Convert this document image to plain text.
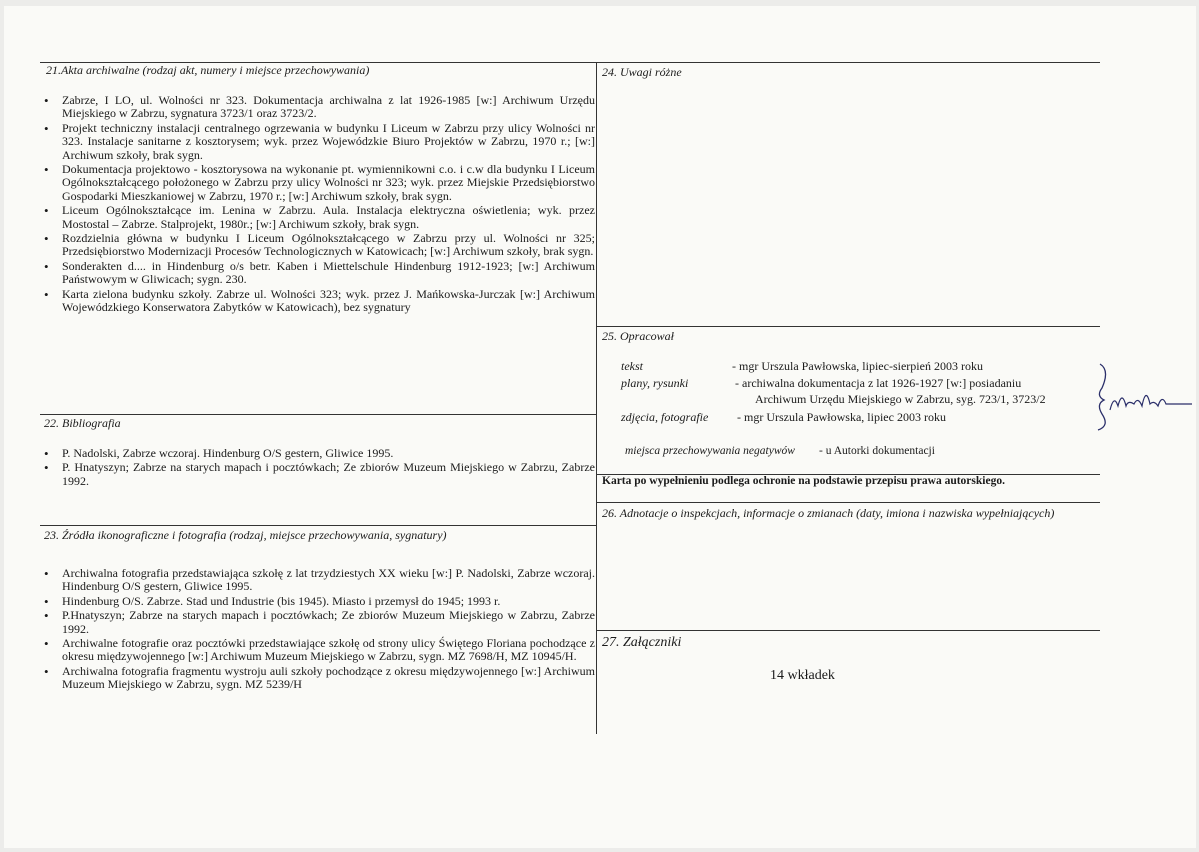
21.Akta archiwalne (rodzaj akt, numery i miejsce przechowywania)
• Zabrze, I LO, ul. Wolności nr 323. Dokumentacja archiwalna z lat 1926-1985 [w:] Archiwum Urzędu Miejskiego w Zabrzu, sygnatura 3723/1 oraz 3723/2.
• Projekt techniczny instalacji centralnego ogrzewania w budynku I Liceum w Zabrzu przy ulicy Wolności nr 323. Instalacje sanitarne z kosztorysem; wyk. przez Wojewódzkie Biuro Projektów w Zabrzu, 1970 r.; [w:] Archiwum szkoły, brak sygn.
• Dokumentacja projektowo - kosztorysowa na wykonanie pt. wymiennikowni c.o. i c.w dla budynku I Liceum Ogólnokształcącego położonego w Zabrzu przy ulicy Wolności nr 323; wyk. przez Miejskie Przedsiębiorstwo Gospodarki Mieszkaniowej w Zabrzu, 1970 r.; [w:] Archiwum szkoły, brak sygn.
• Liceum Ogólnokształcące im. Lenina w Zabrzu. Aula. Instalacja elektryczna oświetlenia; wyk. przez Mostostal – Zabrze. Stalprojekt, 1980r.; [w:] Archiwum szkoły, brak sygn.
• Rozdzielnia główna w budynku I Liceum Ogólnokształcącego w Zabrzu przy ul. Wolności nr 325; Przedsiębiorstwo Modernizacji Procesów Technologicznych w Katowicach; [w:] Archiwum szkoły, brak sygn.
• Sonderakten d.... in Hindenburg o/s betr. Kaben i Miettelschule Hindenburg 1912-1923; [w:] Archiwum Państwowym w Gliwicach; sygn. 230.
• Karta zielona budynku szkoły. Zabrze ul. Wolności 323; wyk. przez J. Mańkowska-Jurczak [w:] Archiwum Wojewódzkiego Konserwatora Zabytków w Katowicach), bez sygnatury
22. Bibliografia
• P. Nadolski, Zabrze wczoraj. Hindenburg O/S gestern, Gliwice 1995.
• P. Hnatyszyn; Zabrze na starych mapach i pocztówkach; Ze zbiorów Muzeum Miejskiego w Zabrzu, Zabrze 1992.
23. Źródła ikonograficzne i fotografia (rodzaj, miejsce przechowywania, sygnatury)
• Archiwalna fotografia przedstawiająca szkołę z lat trzydziestych XX wieku [w:] P. Nadolski, Zabrze wczoraj. Hindenburg O/S gestern, Gliwice 1995.
• Hindenburg O/S. Zabrze. Stad und Industrie (bis 1945). Miasto i przemysł do 1945; 1993 r.
• P.Hnatyszyn; Zabrze na starych mapach i pocztówkach; Ze zbiorów Muzeum Miejskiego w Zabrzu, Zabrze 1992.
• Archiwalne fotografie oraz pocztówki przedstawiające szkołę od strony ulicy Świętego Floriana pochodzące z okresu międzywojennego [w:] Archiwum Muzeum Miejskiego w Zabrzu, sygn. MZ 7698/H, MZ 10945/H.
• Archiwalna fotografia fragmentu wystroju auli szkoły pochodzące z okresu międzywojennego [w:] Archiwum Muzeum Miejskiego w Zabrzu, sygn. MZ 5239/H
24. Uwagi różne
25. Opracował
tekst	- mgr Urszula Pawłowska, lipiec-sierpień 2003 roku
plany, rysunki	- archiwalna dokumentacja z lat 1926-1927 [w:] posiadaniu
Archiwum Urzędu Miejskiego w Zabrzu, syg. 723/1, 3723/2
zdjęcia, fotografie - mgr Urszula Pawłowska, lipiec 2003 roku
miejsca przechowywania negatywów - u Autorki dokumentacji
Karta po wypełnieniu podlega ochronie na podstawie przepisu prawa autorskiego.
26. Adnotacje o inspekcjach, informacje o zmianach (daty, imiona i nazwiska wypełniających)
27. Załączniki
14 wkładek
